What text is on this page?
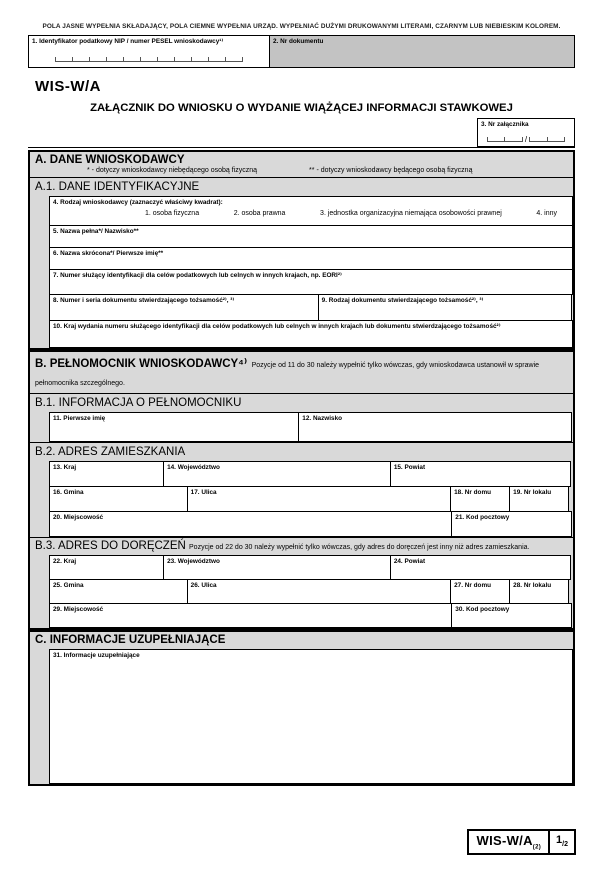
POLA JASNE WYPEŁNIA SKŁADAJĄCY, POLA CIEMNE WYPEŁNIA URZĄD. WYPEŁNIAĆ DUŻYMI DRUKOWANYMI LITERAMI, CZARNYM LUB NIEBIESKIM KOLOREM.
1. Identyfikator podatkowy NIP / numer PESEL wnioskodawcy¹⁾	2. Nr dokumentu
WIS-W/A
ZAŁĄCZNIK DO WNIOSKU O WYDANIE WIĄŻĄCEJ INFORMACJI STAWKOWEJ
3. Nr załącznika
/
A. DANE WNIOSKODAWCY
* - dotyczy wnioskodawcy niebędącego osobą fizyczną	** - dotyczy wnioskodawcy będącego osobą fizyczną
A.1. DANE IDENTYFIKACYJNE
4. Rodzaj wnioskodawcy (zaznaczyć właściwy kwadrat):
1. osoba fizyczna	2. osoba prawna	3. jednostka organizacyjna niemająca osobowości prawnej	4. inny
5. Nazwa pełna*/ Nazwisko**
6. Nazwa skrócona*/ Pierwsze imię**
7. Numer służący identyfikacji dla celów podatkowych lub celnych w innych krajach, np. EORI²⁾
8. Numer i seria dokumentu stwierdzającego tożsamość²⁾, ³⁾	9. Rodzaj dokumentu stwierdzającego tożsamość²⁾, ³⁾
10. Kraj wydania numeru służącego identyfikacji dla celów podatkowych lub celnych w innych krajach lub dokumentu stwierdzającego tożsamość²⁾
B. PEŁNOMOCNIK WNIOSKODAWCY⁴⁾ Pozycje od 11 do 30 należy wypełnić tylko wówczas, gdy wnioskodawca ustanowił w sprawie pełnomocnika szczególnego.
B.1. INFORMACJA O PEŁNOMOCNIKU
11. Pierwsze imię	12. Nazwisko
B.2. ADRES ZAMIESZKANIA
13. Kraj	14. Województwo	15. Powiat
16. Gmina	17. Ulica	18. Nr domu	19. Nr lokalu
20. Miejscowość	21. Kod pocztowy
B.3. ADRES DO DORĘCZEŃ Pozycje od 22 do 30 należy wypełnić tylko wówczas, gdy adres do doręczeń jest inny niż adres zamieszkania.
22. Kraj	23. Województwo	24. Powiat
25. Gmina	26. Ulica	27. Nr domu	28. Nr lokalu
29. Miejscowość	30. Kod pocztowy
C. INFORMACJE UZUPEŁNIAJĄCE
31. Informacje uzupełniające
WIS-$W/A_{(2)}$
$1_{/2}$
